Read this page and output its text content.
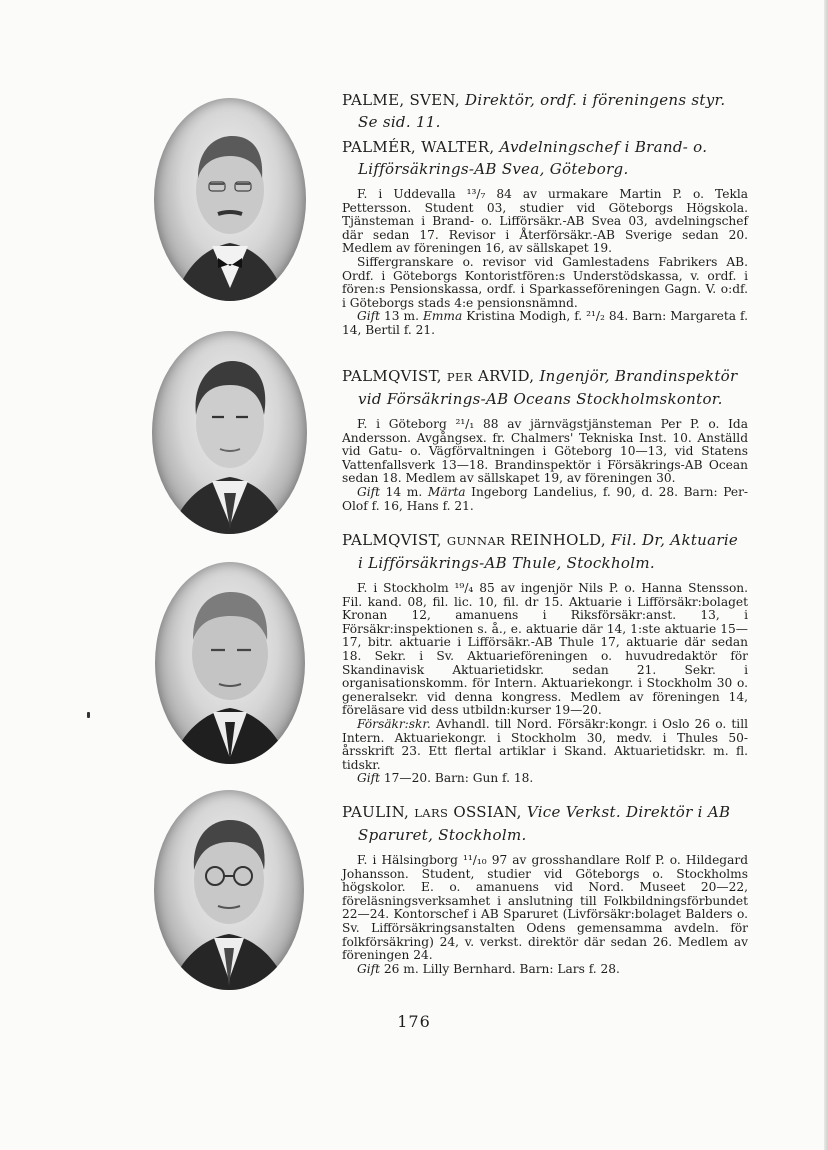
PALME, SVEN, Direktör, ordf. i föreningens styr. Se sid. 11.

PALMÉR, WALTER, Avdelningschef i Brand- o. Lifförsäkrings-AB Svea, Göteborg.

F. i Uddevalla ¹³/₇ 84 av urmakare Martin P. o. Tekla Pettersson. Student 03, studier vid Göteborgs Högskola. Tjänsteman i Brand- o. Lifförsäkr.-AB Svea 03, avdelningschef där sedan 17. Revisor i Återförsäkr.-AB Sverige sedan 20. Medlem av föreningen 16, av sällskapet 19.

Siffergranskare o. revisor vid Gamlestadens Fabrikers AB. Ordf. i Göteborgs Kontoristfören:s Understödskassa, v. ordf. i fören:s Pensionskassa, ordf. i Sparkasseföreningen Gagn. V. o:df. i Göteborgs stads 4:e pensionsnämnd.

Gift 13 m. Emma Kristina Modigh, f. ²¹/₂ 84. Barn: Margareta f. 14, Bertil f. 21.

PALMQVIST, PER ARVID, Ingenjör, Brandinspektör vid Försäkrings-AB Oceans Stockholmskontor.

F. i Göteborg ²¹/₁ 88 av järnvägstjänsteman Per P. o. Ida Andersson. Avgångsex. fr. Chalmers' Tekniska Inst. 10. Anställd vid Gatu- o. Vägförvaltningen i Göteborg 10—13, vid Statens Vattenfallsverk 13—18. Brandinspektör i Försäkrings-AB Ocean sedan 18. Medlem av sällskapet 19, av föreningen 30.

Gift 14 m. Märta Ingeborg Landelius, f. 90, d. 28. Barn: Per-Olof f. 16, Hans f. 21.

PALMQVIST, GUNNAR REINHOLD, Fil. Dr, Aktuarie i Lifförsäkrings-AB Thule, Stockholm.

F. i Stockholm ¹⁹/₄ 85 av ingenjör Nils P. o. Hanna Stensson. Fil. kand. 08, fil. lic. 10, fil. dr 15. Aktuarie i Lifförsäkr:bolaget Kronan 12, amanuens i Riksförsäkr:anst. 13, i Försäkr:inspektionen s. å., e. aktuarie där 14, 1:ste aktuarie 15—17, bitr. aktuarie i Lifförsäkr.-AB Thule 17, aktuarie där sedan 18. Sekr. i Sv. Aktuarieföreningen o. huvudredaktör för Skandinavisk Aktuarietidskr. sedan 21. Sekr. i organisationskomm. för Intern. Aktuariekongr. i Stockholm 30 o. generalsekr. vid denna kongress. Medlem av föreningen 14, föreläsare vid dess utbildn:kurser 19—20.

Försäkr:skr. Avhandl. till Nord. Försäkr:kongr. i Oslo 26 o. till Intern. Aktuariekongr. i Stockholm 30, medv. i Thules 50-årsskrift 23. Ett flertal artiklar i Skand. Aktuarietidskr. m. fl. tidskr.

Gift 17—20. Barn: Gun f. 18.

PAULIN, LARS OSSIAN, Vice Verkst. Direktör i AB Sparuret, Stockholm.

F. i Hälsingborg ¹¹/₁₀ 97 av grosshandlare Rolf P. o. Hildegard Johansson. Student, studier vid Göteborgs o. Stockholms högskolor. E. o. amanuens vid Nord. Museet 20—22, föreläsningsverksamhet i anslutning till Folkbildningsförbundet 22—24. Kontorschef i AB Sparuret (Livförsäkr:bolaget Balders o. Sv. Lifförsäkringsanstalten Odens gemensamma avdeln. för folkförsäkring) 24, v. verkst. direktör där sedan 26. Medlem av föreningen 24.

Gift 26 m. Lilly Bernhard. Barn: Lars f. 28.

176
